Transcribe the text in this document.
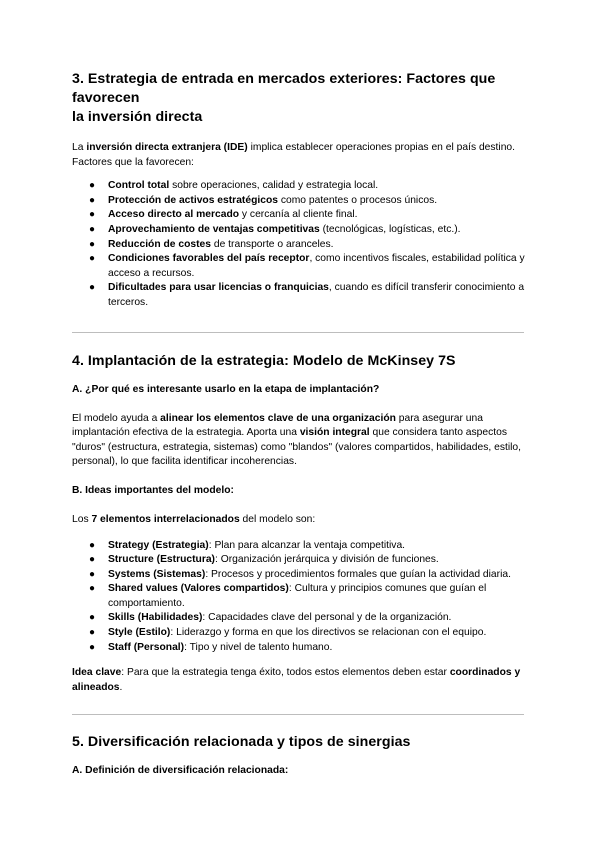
3. Estrategia de entrada en mercados exteriores: Factores que favorecen
la inversión directa

La inversión directa extranjera (IDE) implica establecer operaciones propias en el país destino. Factores que la favorecen:

● Control total sobre operaciones, calidad y estrategia local.
● Protección de activos estratégicos como patentes o procesos únicos.
● Acceso directo al mercado y cercanía al cliente final.
● Aprovechamiento de ventajas competitivas (tecnológicas, logísticas, etc.).
● Reducción de costes de transporte o aranceles.
● Condiciones favorables del país receptor, como incentivos fiscales, estabilidad política y acceso a recursos.
● Dificultades para usar licencias o franquicias, cuando es difícil transferir conocimiento a terceros.
4. Implantación de la estrategia: Modelo de McKinsey 7S
A. ¿Por qué es interesante usarlo en la etapa de implantación?

El modelo ayuda a alinear los elementos clave de una organización para asegurar una implantación efectiva de la estrategia. Aporta una visión integral que considera tanto aspectos "duros" (estructura, estrategia, sistemas) como "blandos" (valores compartidos, habilidades, estilo, personal), lo que facilita identificar incoherencias.

B. Ideas importantes del modelo:

Los 7 elementos interrelacionados del modelo son:

● Strategy (Estrategia): Plan para alcanzar la ventaja competitiva.
● Structure (Estructura): Organización jerárquica y división de funciones.
● Systems (Sistemas): Procesos y procedimientos formales que guían la actividad diaria.
● Shared values (Valores compartidos): Cultura y principios comunes que guían el comportamiento.
● Skills (Habilidades): Capacidades clave del personal y de la organización.
● Style (Estilo): Liderazgo y forma en que los directivos se relacionan con el equipo.
● Staff (Personal): Tipo y nivel de talento humano.

Idea clave: Para que la estrategia tenga éxito, todos estos elementos deben estar coordinados y alineados.

5. Diversificación relacionada y tipos de sinergias
A. Definición de diversificación relacionada:
